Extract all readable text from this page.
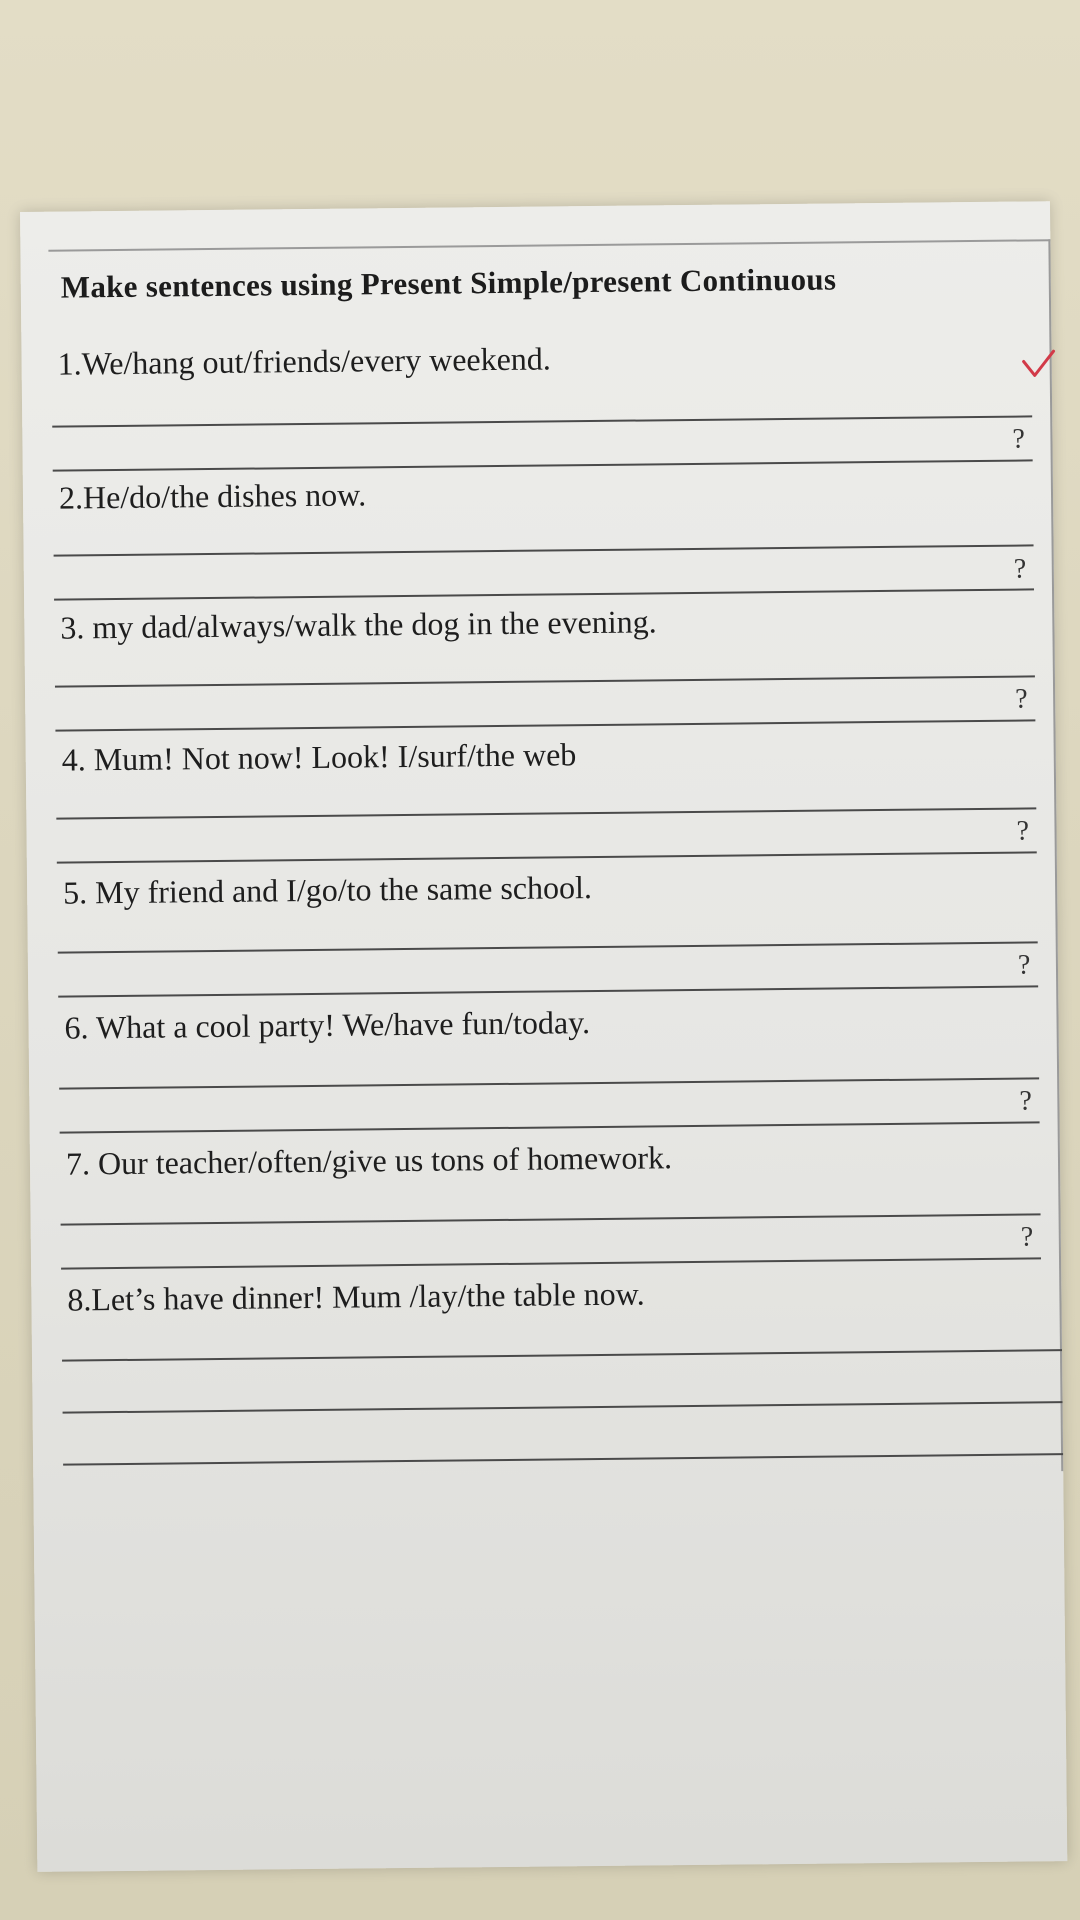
Make sentences using Present Simple/present Continuous
1.We/hang out/friends/every weekend.
?
2.He/do/the dishes now.
?
3. my dad/always/walk the dog in the evening.
?
4. Mum! Not now! Look! I/surf/the web
?
5. My friend and I/go/to the same school.
?
6. What a cool party! We/have fun/today.
?
7. Our teacher/often/give us tons of homework.
?
8.Let’s have dinner! Mum /lay/the table now.
